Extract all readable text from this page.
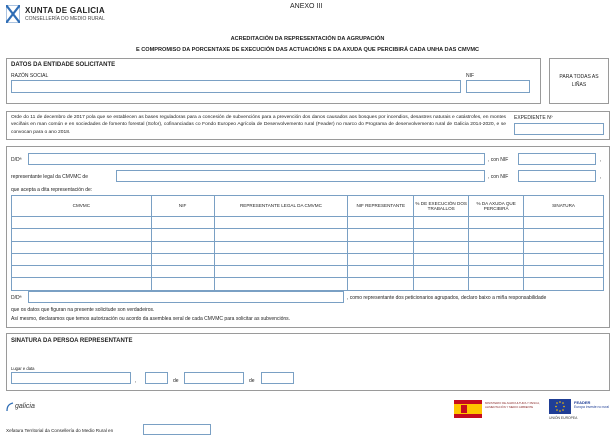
XUNTA DE GALICIA
CONSELLERÍA DO MEDIO RURAL
ANEXO III
ACREDITACIÓN DA REPRESENTACIÓN DA AGRUPACIÓN
E COMPROMISO DA PORCENTAXE DE EXECUCIÓN DAS ACTUACIÓNS E DA AXUDA QUE PERCIBIRÁ CADA UNHA DAS CMVMC
DATOS DA ENTIDADE SOLICITANTE
RAZÓN SOCIAL	NIF	PARA TODAS AS LIÑAS
Orde do 11 de decembro de 2017 pola que se establecen as bases reguladoras para a concesión de subvencións para a prevención dos danos causados aos bosques por incendios, desastres naturais e catástrofes, en montes veciñais en man común e en sociedades de fomento forestal (Sofor), cofinanciadas co Fondo Europeo Agrícola de Desenvolvemento rural (Feader) no marco do Programa de desenvolvemento rural de Galicia 2014-2020, e se convocan para o ano 2018.
EXPEDIENTE Nº
D/Dª	, con NIF	,
representante legal da CMVMC de	, con NIF	,
que acepta a dita representación de:
CMVMC	NIF	REPRESENTANTE LEGAL DA CMVMC	NIF REPRESENTANTE	% DE EXECUCIÓN DOS TRABALLOS	% DA AXUDA QUE PERCIBIRÁ	SINATURA

D/Dª	, como representante dos peticionarios agrupados, declaro baixo a miña responsabilidade
que os datos que figuran na presente solicitude son verdadeiros.
Así mesmo, declaramos que temos autorización ou acordo da asemblea xeral de cada CMVMC para solicitar as subvencións.
SINATURA DA PERSOA REPRESENTANTE
Lugar e data
,	de	de
galicia	MINISTERIO DE AGRICULTURA Y PESCA, ALIMENTACIÓN Y MEDIO AMBIENTE
FEADER
Europa investe no rural
UNIÓN EUROPEA
Xefatura Territorial da Consellería do Medio Rural en
